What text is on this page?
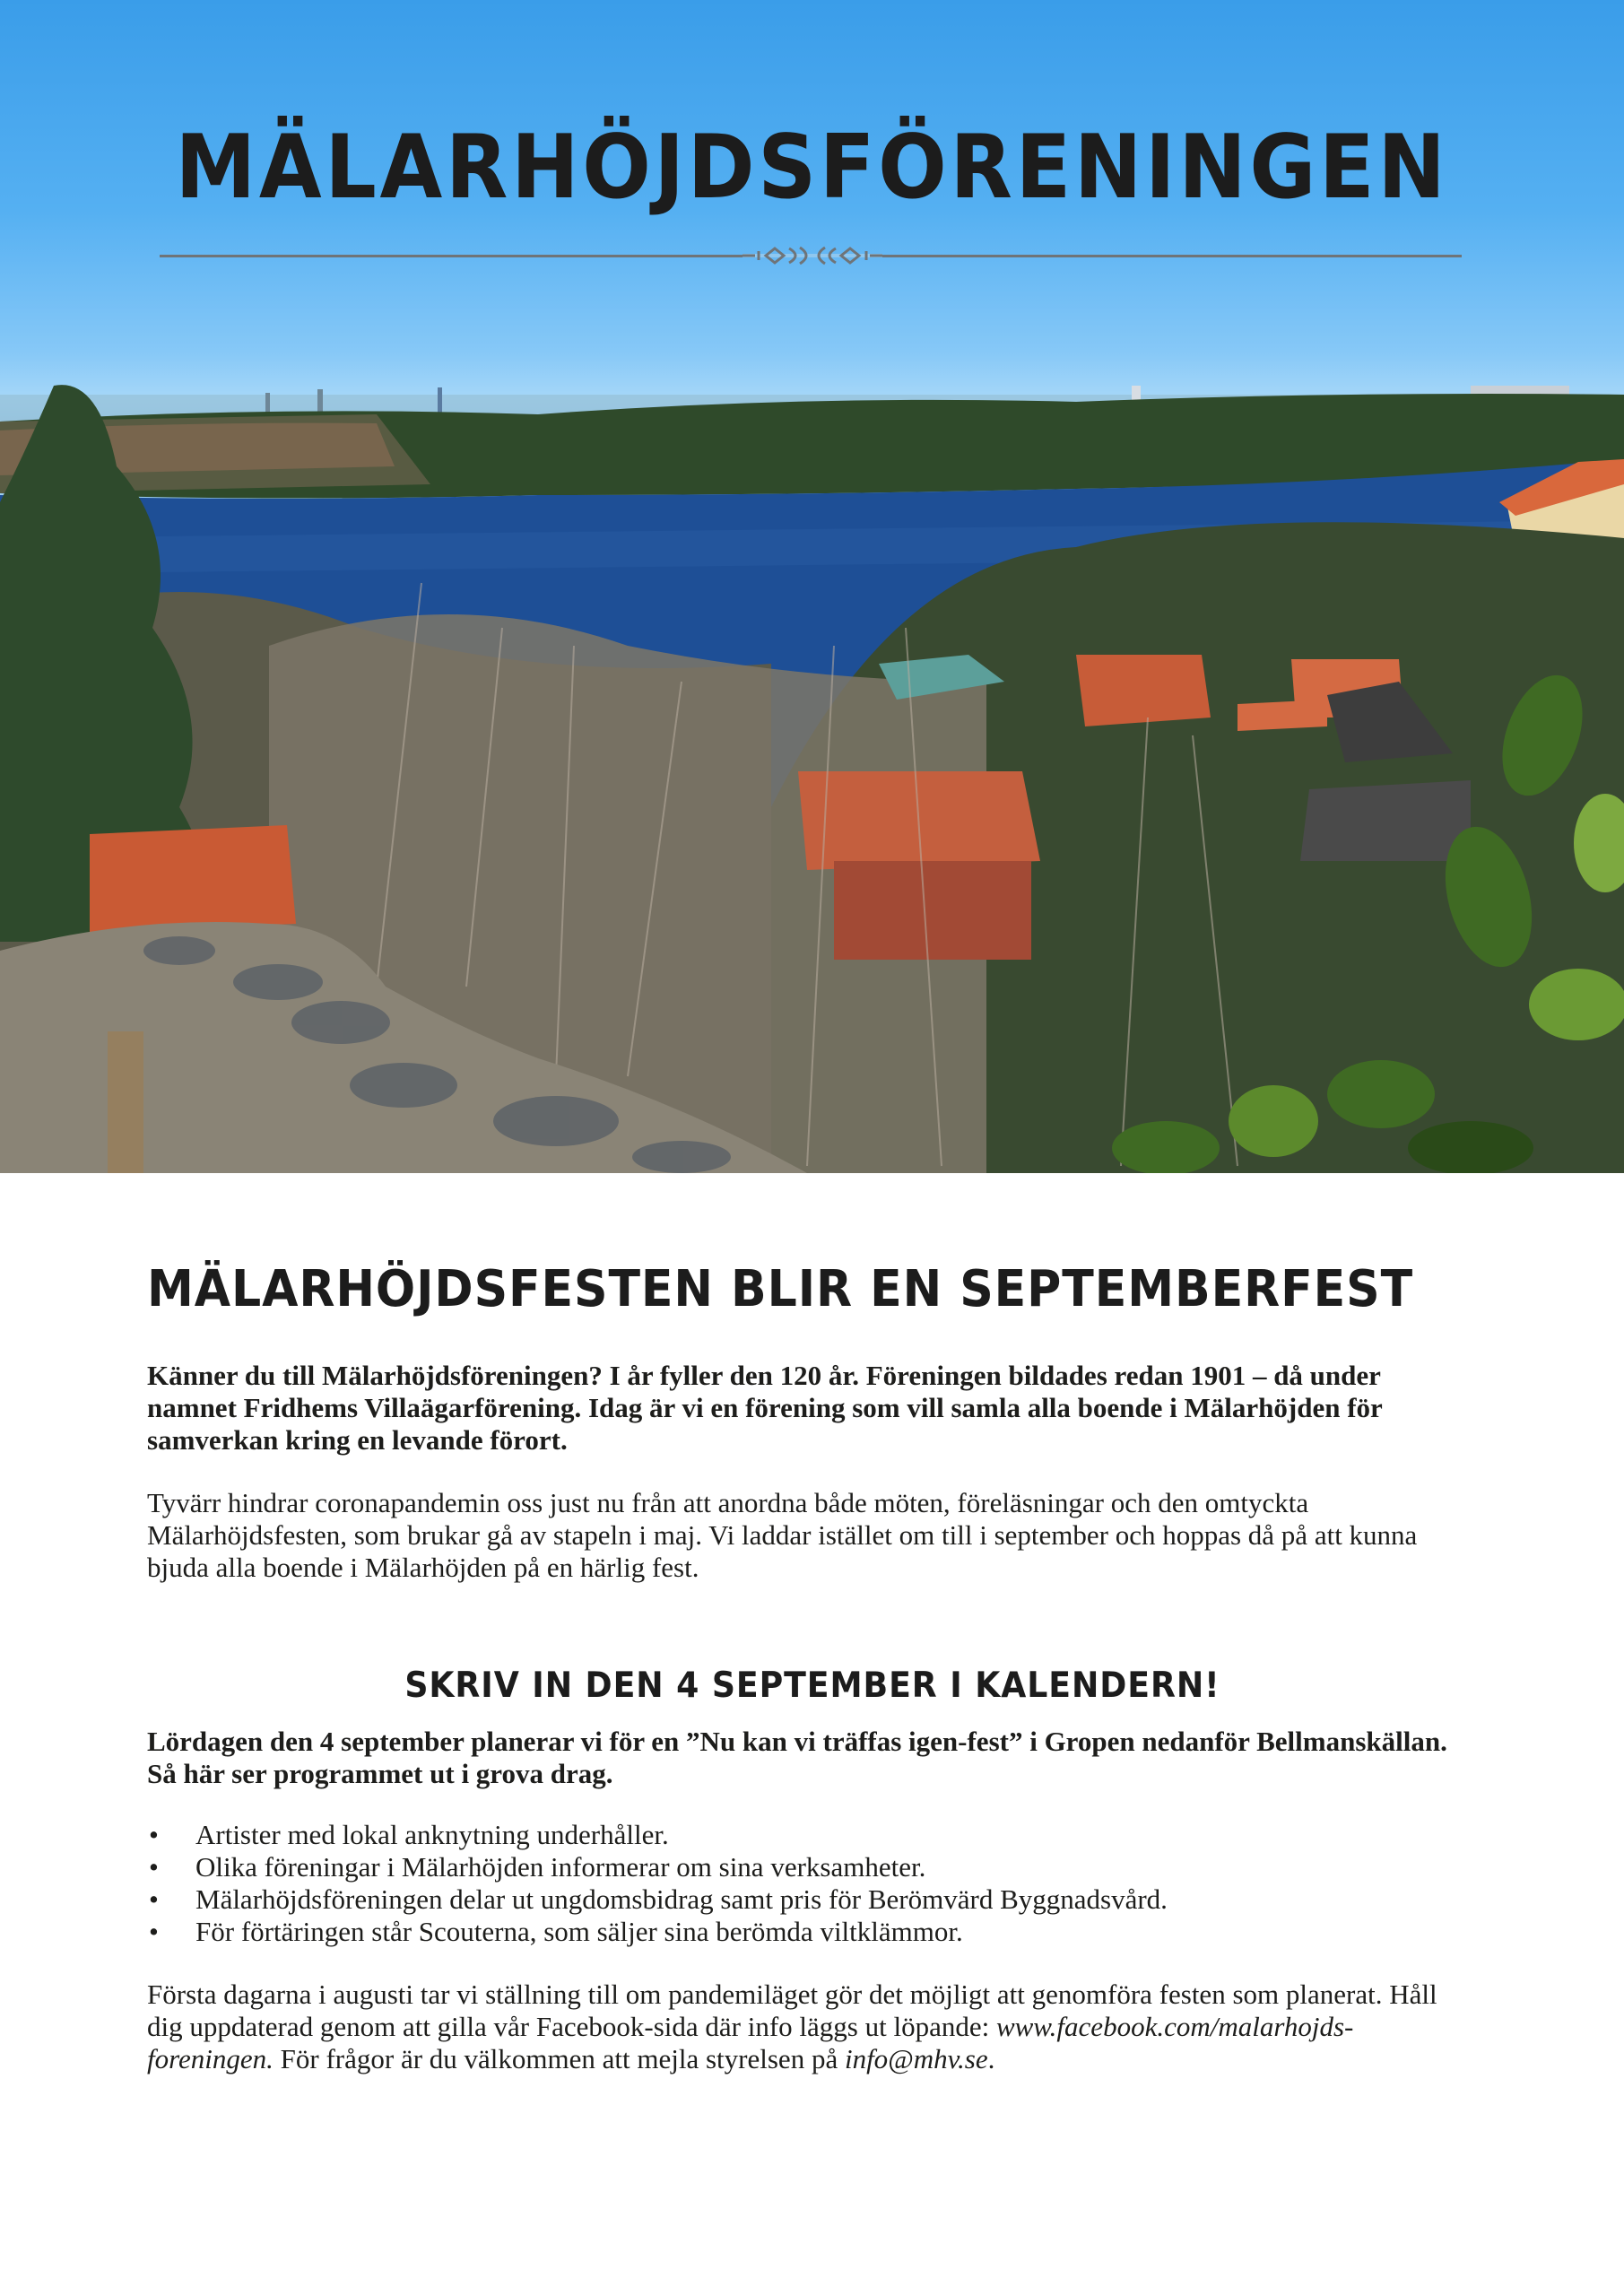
MÄLARHÖJDSFÖRENINGEN
MÄLARHÖJDSFESTEN BLIR EN SEPTEMBERFEST

Känner du till Mälarhöjdsföreningen? I år fyller den 120 år. Föreningen bildades redan 1901 – då under namnet Fridhems Villaägarförening. Idag är vi en förening som vill samla alla boende i Mälarhöjden för samverkan kring en levande förort.

Tyvärr hindrar coronapandemin oss just nu från att anordna både möten, föreläsningar och den omtyckta Mälarhöjdsfesten, som brukar gå av stapeln i maj. Vi laddar istället om till i september och hoppas då på att kunna bjuda alla boende i Mälarhöjden på en härlig fest.

SKRIV IN DEN 4 SEPTEMBER I KALENDERN!

Lördagen den 4 september planerar vi för en ”Nu kan vi träffas igen-fest” i Gropen nedanför Bellmanskällan. Så här ser programmet ut i grova drag.

• Artister med lokal anknytning underhåller.
• Olika föreningar i Mälarhöjden informerar om sina verksamheter.
• Mälarhöjdsföreningen delar ut ungdomsbidrag samt pris för Berömvärd Byggnadsvård.
• För förtäringen står Scouterna, som säljer sina berömda viltklämmor.

Första dagarna i augusti tar vi ställning till om pandemiläget gör det möjligt att genomföra festen som planerat. Håll dig uppdaterad genom att gilla vår Facebook-sida där info läggs ut löpande: www.facebook.com/malarhojds-foreningen. För frågor är du välkommen att mejla styrelsen på info@mhv.se.
